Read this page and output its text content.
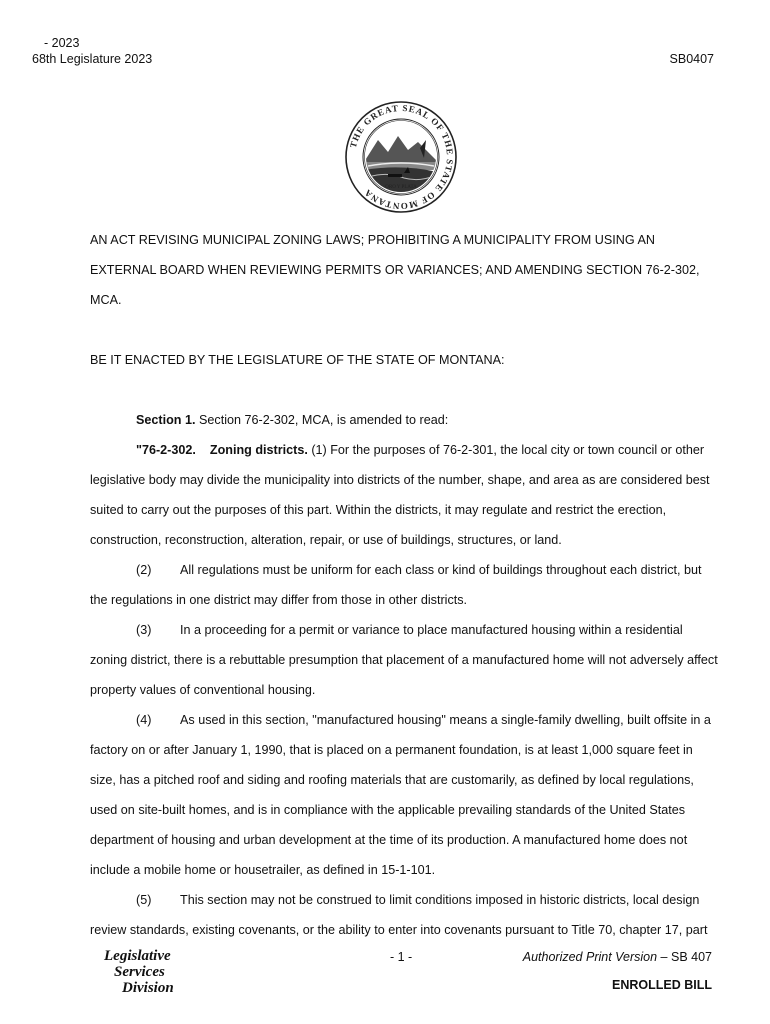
- 2023
68th Legislature 2023	SB0407
THE GREAT SEAL OF THE STATE OF MONTANA	ORO Y PLATA

AN ACT REVISING MUNICIPAL ZONING LAWS; PROHIBITING A MUNICIPALITY FROM USING AN EXTERNAL BOARD WHEN REVIEWING PERMITS OR VARIANCES; AND AMENDING SECTION 76-2-302, MCA.

BE IT ENACTED BY THE LEGISLATURE OF THE STATE OF MONTANA:

Section 1. Section 76-2-302, MCA, is amended to read:

"76-2-302. Zoning districts. (1) For the purposes of 76-2-301, the local city or town council or other legislative body may divide the municipality into districts of the number, shape, and area as are considered best suited to carry out the purposes of this part. Within the districts, it may regulate and restrict the erection, construction, reconstruction, alteration, repair, or use of buildings, structures, or land.

(2) All regulations must be uniform for each class or kind of buildings throughout each district, but the regulations in one district may differ from those in other districts.

(3) In a proceeding for a permit or variance to place manufactured housing within a residential zoning district, there is a rebuttable presumption that placement of a manufactured home will not adversely affect property values of conventional housing.

(4) As used in this section, "manufactured housing" means a single-family dwelling, built offsite in a factory on or after January 1, 1990, that is placed on a permanent foundation, is at least 1,000 square feet in size, has a pitched roof and siding and roofing materials that are customarily, as defined by local regulations, used on site-built homes, and is in compliance with the applicable prevailing standards of the United States department of housing and urban development at the time of its production. A manufactured home does not include a mobile home or housetrailer, as defined in 15-1-101.

(5) This section may not be construed to limit conditions imposed in historic districts, local design review standards, existing covenants, or the ability to enter into covenants pursuant to Title 70, chapter 17, part

Legislative
Services
Division
- 1 -	Authorized Print Version – SB 407
ENROLLED BILL
